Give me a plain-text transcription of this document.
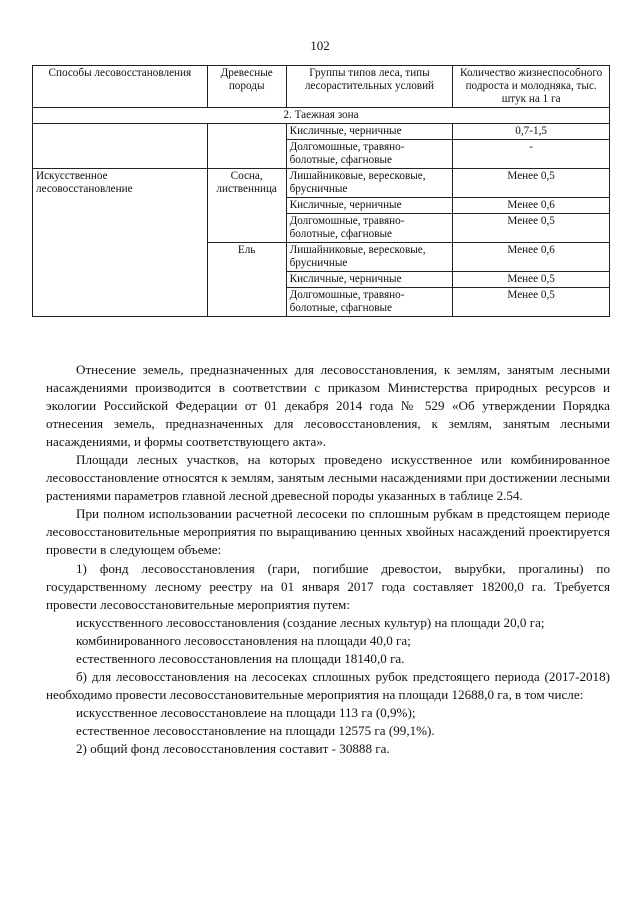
102
Способы лесовосстановления	Древесные породы	Группы типов леса, типы лесорастительных условий	Количество жизнеспособного подроста и молодняка, тыс. штук на 1 га
2. Таежная зона			
		Кисличные, черничные	0,7-1,5
		Долгомошные, травяно-болотные, сфагновые	-
Искусственное лесовосстановление	Сосна, лиственница	Лишайниковые, вересковые, брусничные	Менее 0,5
		Кисличные, черничные	Менее 0,6
		Долгомошные, травяно-болотные, сфагновые	Менее 0,5
	Ель	Лишайниковые, вересковые, брусничные	Менее 0,6
		Кисличные, черничные	Менее 0,5
		Долгомошные, травяно-болотные, сфагновые	Менее 0,5

Отнесение земель, предназначенных для лесовосстановления, к землям, занятым лесными насаждениями производится в соответствии с приказом Министерства природных ресурсов и экологии Российской Федерации от 01 декабря 2014 года № 529 «Об утверждении Порядка отнесения земель, предназначенных для лесовосстановления, к землям, занятым лесными насаждениями, и формы соответствующего акта».

Площади лесных участков, на которых проведено искусственное или комбинированное лесовосстановление относятся к землям, занятым лесными насаждениями при достижении лесными растениями параметров главной лесной древесной породы указанных в таблице 2.54.

При полном использовании расчетной лесосеки по сплошным рубкам в предстоящем периоде лесовосстановительные мероприятия по выращиванию ценных хвойных насаждений проектируется провести в следующем объеме:

1) фонд лесовосстановления (гари, погибшие древостои, вырубки, прогалины) по государственному лесному реестру на 01 января 2017 года составляет 18200,0 га. Требуется провести лесовосстановительные мероприятия путем:

искусственного лесовосстановления (создание лесных культур) на площади 20,0 га;

комбинированного лесовосстановления на площади 40,0 га;

естественного лесовосстановления на площади 18140,0 га.

б) для лесовосстановления на лесосеках сплошных рубок предстоящего периода (2017-2018) необходимо провести лесовосстановительные мероприятия на площади 12688,0 га, в том числе:

искусственное лесовосстановлеие на площади 113 га (0,9%);

естественное лесовосстановление на площади 12575 га (99,1%).

2) общий фонд лесовосстановления составит - 30888 га.
